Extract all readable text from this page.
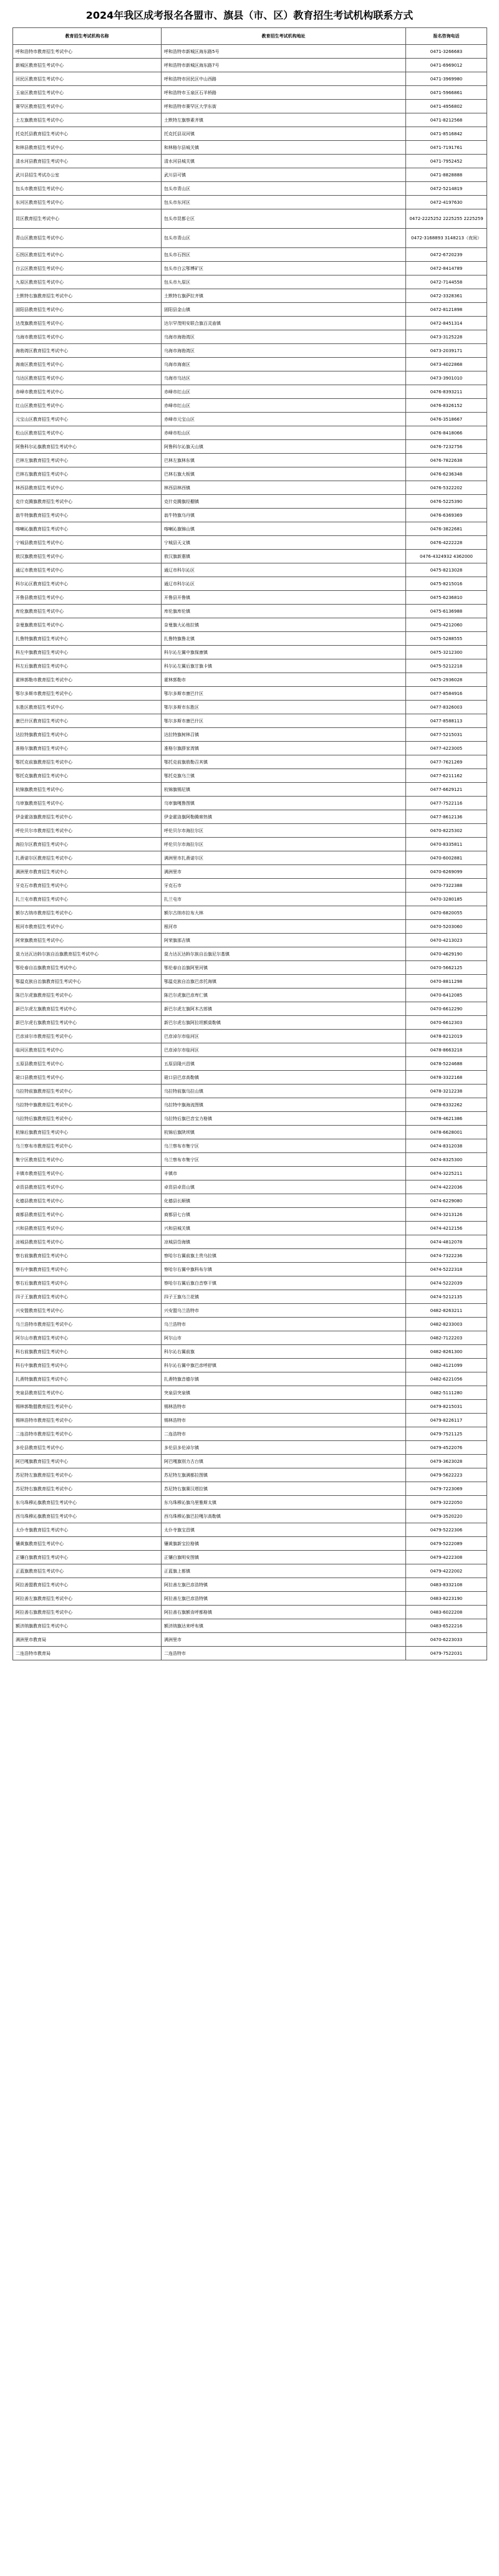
2024年我区成考报名各盟市、旗县（市、区）教育招生考试机构联系方式
教育招生考试机构名称	教育招生考试机构地址	报名咨询电话
呼和浩特市教育招生考试中心	呼和浩特市新城区海东路5号	0471-3266683
新城区教育招生考试中心	呼和浩特市新城区海东路7号	0471-6969012
回民区教育招生考试中心	呼和浩特市回民区中山西路	0471-3969980
玉泉区教育招生考试中心	呼和浩特市玉泉区石羊桥路	0471-5966861
赛罕区教育招生考试中心	呼和浩特市赛罕区大学东街	0471-4956802
土左旗教育招生考试中心	土默特左旗察素齐镇	0471-8212568
托克托县教育招生考试中心	托克托县双河镇	0471-8516842
和林县教育招生考试中心	和林格尔县城关镇	0471-7191761
清水河县教育招生考试中心	清水河县城关镇	0471-7952452
武川县招生考试办公室	武川县可镇	0471-8828888
包头市教育招生考试中心	包头市青山区	0472-5214819
东河区教育招生考试中心	包头市东河区	0472-4197630
昆区教育招生考试中心	包头市昆都仑区	0472-2225252 2225255 2225259
青山区教育招生考试中心	包头市青山区	0472-3168893 3148213（夜间）
石拐区教育招生考试中心	包头市石拐区	0472-6720239
白云区教育招生考试中心	包头市白云鄂博矿区	0472-8414789
九原区教育招生考试中心	包头市九原区	0472-7144558
土默特右旗教育招生考试中心	土默特右旗萨拉齐镇	0472-3328361
固阳县教育招生考试中心	固阳县金山镇	0472-8121898
达茂旗教育招生考试中心	达尔罕茂明安联合旗百灵庙镇	0472-8451314
乌海市教育招生考试中心	乌海市海勃湾区	0473-3125228
海勃湾区教育招生考试中心	乌海市海勃湾区	0473-2039171
海南区教育招生考试中心	乌海市海南区	0473-4022868
乌达区教育招生考试中心	乌海市乌达区	0473-3901010
赤峰市教育招生考试中心	赤峰市红山区	0476-8393211
红山区教育招生考试中心	赤峰市红山区	0476-8326152
元宝山区教育招生考试中心	赤峰市元宝山区	0476-3518667
松山区教育招生考试中心	赤峰市松山区	0476-8418066
阿鲁科尔沁旗教育招生考试中心	阿鲁科尔沁旗天山镇	0476-7232756
巴林左旗教育招生考试中心	巴林左旗林东镇	0476-7822638
巴林右旗教育招生考试中心	巴林右旗大板镇	0476-6236348
林西县教育招生考试中心	林西县林西镇	0476-5322202
克什克腾旗教育招生考试中心	克什克腾旗经棚镇	0476-5225390
翁牛特旗教育招生考试中心	翁牛特旗乌丹镇	0476-6369369
喀喇沁旗教育招生考试中心	喀喇沁旗锦山镇	0476-3822681
宁城县教育招生考试中心	宁城县天义镇	0476-4222228
敖汉旗教育招生考试中心	敖汉旗新惠镇	0476-4324932 4362000
通辽市教育招生考试中心	通辽市科尔沁区	0475-8213028
科尔沁区教育招生考试中心	通辽市科尔沁区	0475-8215016
开鲁县教育招生考试中心	开鲁县开鲁镇	0475-6236810
库伦旗教育招生考试中心	库伦旗库伦镇	0475-6136988
奈曼旗教育招生考试中心	奈曼旗大沁他拉镇	0475-4212060
扎鲁特旗教育招生考试中心	扎鲁特旗鲁北镇	0475-5288555
科左中旗教育招生考试中心	科尔沁左翼中旗保康镇	0475-3212300
科左后旗教育招生考试中心	科尔沁左翼后旗甘旗卡镇	0475-5212218
霍林郭勒市教育招生考试中心	霍林郭勒市	0475-2936028
鄂尔多斯市教育招生考试中心	鄂尔多斯市康巴什区	0477-8584916
东胜区教育招生考试中心	鄂尔多斯市东胜区	0477-8326003
康巴什区教育招生考试中心	鄂尔多斯市康巴什区	0477-8588113
达拉特旗教育招生考试中心	达拉特旗树林召镇	0477-5215031
准格尔旗教育招生考试中心	准格尔旗薛家湾镇	0477-4223005
鄂托克前旗教育招生考试中心	鄂托克前旗敖勒召其镇	0477-7621269
鄂托克旗教育招生考试中心	鄂托克旗乌兰镇	0477-6211162
杭锦旗教育招生考试中心	杭锦旗锡尼镇	0477-6629121
乌审旗教育招生考试中心	乌审旗嘎鲁图镇	0477-7522116
伊金霍洛旗教育招生考试中心	伊金霍洛旗阿勒腾席热镇	0477-8612136
呼伦贝尔市教育招生考试中心	呼伦贝尔市海拉尔区	0470-8225302
海拉尔区教育招生考试中心	呼伦贝尔市海拉尔区	0470-8335811
扎赉诺尔区教育招生考试中心	满洲里市扎赉诺尔区	0470-6002881
满洲里市教育招生考试中心	满洲里市	0470-6269099
牙克石市教育招生考试中心	牙克石市	0470-7322388
扎兰屯市教育招生考试中心	扎兰屯市	0470-3280185
额尔古纳市教育招生考试中心	额尔古纳市拉布大林	0470-6820055
根河市教育招生考试中心	根河市	0470-5203060
阿荣旗教育招生考试中心	阿荣旗那吉镇	0470-4213023
莫力达瓦达斡尔族自治旗教育招生考试中心	莫力达瓦达斡尔族自治旗尼尔基镇	0470-4629190
鄂伦春自治旗教育招生考试中心	鄂伦春自治旗阿里河镇	0470-5662125
鄂温克族自治旗教育招生考试中心	鄂温克族自治旗巴彦托海镇	0470-8811298
陈巴尔虎旗教育招生考试中心	陈巴尔虎旗巴彦库仁镇	0470-6412085
新巴尔虎左旗教育招生考试中心	新巴尔虎左旗阿木古郎镇	0470-6612290
新巴尔虎右旗教育招生考试中心	新巴尔虎右旗阿拉坦额莫勒镇	0470-6612303
巴彦淖尔市教育招生考试中心	巴彦淖尔市临河区	0478-8212019
临河区教育招生考试中心	巴彦淖尔市临河区	0478-8663218
五原县教育招生考试中心	五原县隆兴昌镇	0478-5224688
磴口县教育招生考试中心	磴口县巴彦高勒镇	0478-3322168
乌拉特前旗教育招生考试中心	乌拉特前旗乌拉山镇	0478-3212238
乌拉特中旗教育招生考试中心	乌拉特中旗海流图镇	0478-6332262
乌拉特后旗教育招生考试中心	乌拉特后旗巴音宝力格镇	0478-4621386
杭锦后旗教育招生考试中心	杭锦后旗陕坝镇	0478-6628001
乌兰察布市教育招生考试中心	乌兰察布市集宁区	0474-8312038
集宁区教育招生考试中心	乌兰察布市集宁区	0474-8325300
丰镇市教育招生考试中心	丰镇市	0474-3225211
卓资县教育招生考试中心	卓资县卓资山镇	0474-4222036
化德县教育招生考试中心	化德县长顺镇	0474-6229080
商都县教育招生考试中心	商都县七台镇	0474-3213126
兴和县教育招生考试中心	兴和县城关镇	0474-4212156
凉城县教育招生考试中心	凉城县岱海镇	0474-4812078
察右前旗教育招生考试中心	察哈尔右翼前旗土贵乌拉镇	0474-7322236
察右中旗教育招生考试中心	察哈尔右翼中旗科布尔镇	0474-5222318
察右后旗教育招生考试中心	察哈尔右翼后旗白音察干镇	0474-5222039
四子王旗教育招生考试中心	四子王旗乌兰花镇	0474-5212135
兴安盟教育招生考试中心	兴安盟乌兰浩特市	0482-8263211
乌兰浩特市教育招生考试中心	乌兰浩特市	0482-8233003
阿尔山市教育招生考试中心	阿尔山市	0482-7122203
科右前旗教育招生考试中心	科尔沁右翼前旗	0482-8261300
科右中旗教育招生考试中心	科尔沁右翼中旗巴彦呼舒镇	0482-4121099
扎赉特旗教育招生考试中心	扎赉特旗音德尔镇	0482-6221056
突泉县教育招生考试中心	突泉县突泉镇	0482-5111280
锡林郭勒盟教育招生考试中心	锡林浩特市	0479-8215031
锡林浩特市教育招生考试中心	锡林浩特市	0479-8226117
二连浩特市教育招生考试中心	二连浩特市	0479-7521125
多伦县教育招生考试中心	多伦县多伦淖尔镇	0479-4522076
阿巴嘎旗教育招生考试中心	阿巴嘎旗别力古台镇	0479-3623028
苏尼特左旗教育招生考试中心	苏尼特左旗满都拉图镇	0479-5622223
苏尼特右旗教育招生考试中心	苏尼特右旗赛汉塔拉镇	0479-7223069
东乌珠穆沁旗教育招生考试中心	东乌珠穆沁旗乌里雅斯太镇	0479-3222050
西乌珠穆沁旗教育招生考试中心	西乌珠穆沁旗巴拉嘎尔高勒镇	0479-3520220
太仆寺旗教育招生考试中心	太仆寺旗宝昌镇	0479-5222306
镶黄旗教育招生考试中心	镶黄旗新宝拉格镇	0479-5222089
正镶白旗教育招生考试中心	正镶白旗明安图镇	0479-4222308
正蓝旗教育招生考试中心	正蓝旗上都镇	0479-4222002
阿拉善盟教育招生考试中心	阿拉善左旗巴彦浩特镇	0483-8332108
阿拉善左旗教育招生考试中心	阿拉善左旗巴彦浩特镇	0483-8223190
阿拉善右旗教育招生考试中心	阿拉善右旗额肯呼都格镇	0483-6022208
额济纳旗教育招生考试中心	额济纳旗达来呼布镇	0483-6522216
满洲里市教育局	满洲里市	0470-6223033
二连浩特市教育局	二连浩特市	0479-7522031
